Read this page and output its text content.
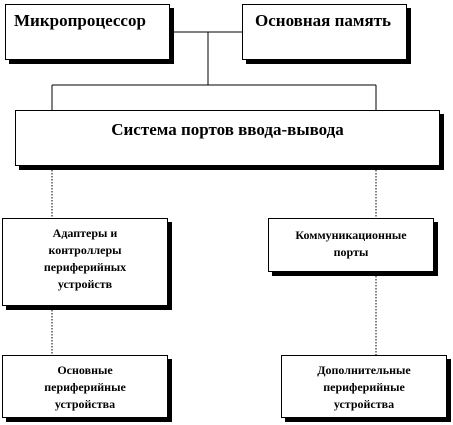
Микропроцессор	Основная память
Система портов ввода-вывода
Адаптеры и контроллеры периферийных устройств
Коммуникационные порты
Основные периферийные устройства
Дополнительные периферийные устройства
